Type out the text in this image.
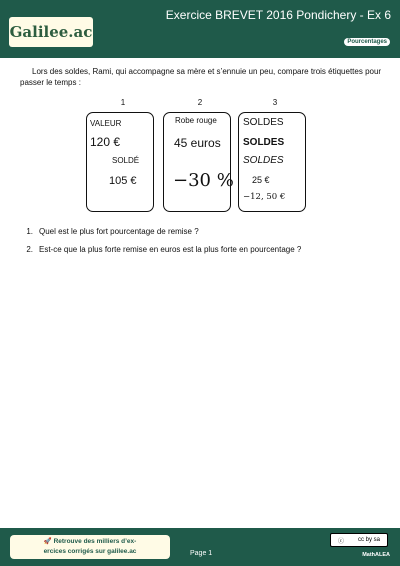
Galilee.ac
Exercice BREVET 2016 Pondichery - Ex 6
Pourcentages

Lors des soldes, Rami, qui accompagne sa mère et s’ennuie un peu, compare trois étiquettes pour passer le temps :

1	2	3
VALEUR
120 €
SOLDÉ
105 €
Robe rouge
45 euros
−30 %
SOLDES
SOLDES
SOLDES
25 €
−12, 50 €
1. Quel est le plus fort pourcentage de remise ?
2. Est-ce que la plus forte remise en euros est la plus forte en pourcentage ?
🚀 Retrouve des milliers d’ex-
ercices corrigés sur galilee.ac	Page 1
ⓒ cc by sa
MathALEA
